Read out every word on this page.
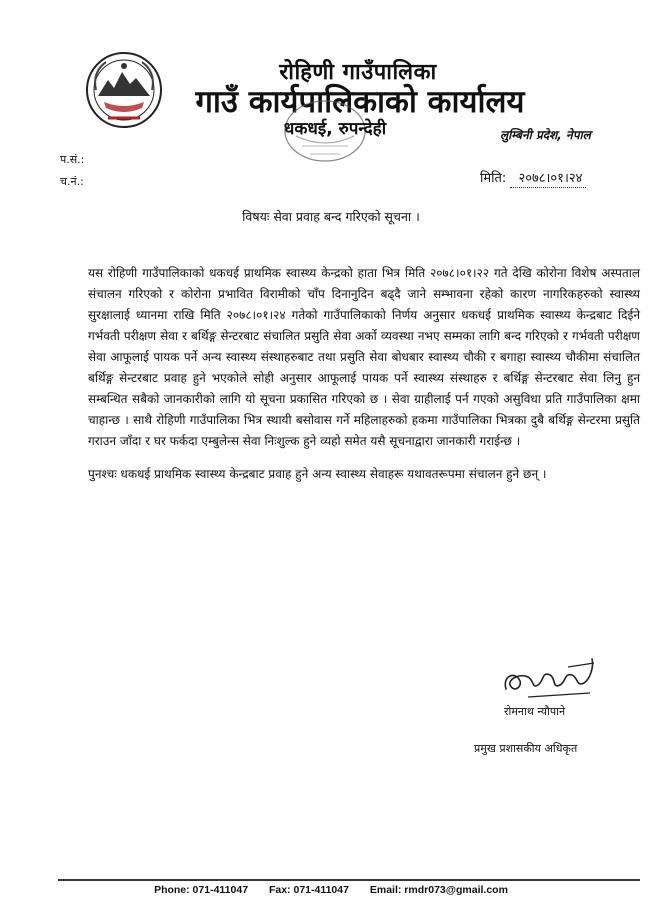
रोहिणी गाउँपालिका
गाउँ कार्यपालिकाको कार्यालय
धकधई, रुपन्देही	लुम्बिनी प्रदेश, नेपाल
प.सं.:
च.नं.:	मिति: २०७८।०१।२४
विषयः सेवा प्रवाह बन्द गरिएको सूचना ।

यस रोहिणी गाउँपालिकाको धकधई प्राथमिक स्वास्थ्य केन्द्रको हाता भित्र मिति २०७८।०१।२२ गते देखि कोरोना विशेष अस्पताल संचालन गरिएको र कोरोना प्रभावित विरामीको चाँप दिनानुदिन बढ्दै जाने सम्भावना रहेको कारण नागरिकहरुको स्वास्थ्य सुरक्षालाई ध्यानमा राखि मिति २०७८।०१।२४ गतेको गाउँपालिकाको निर्णय अनुसार धकधई प्राथमिक स्वास्थ्य केन्द्रबाट दिईने गर्भवती परीक्षण सेवा र बर्थिङ्ग सेन्टरबाट संचालित प्रसुति सेवा अर्को व्यवस्था नभए सम्मका लागि बन्द गरिएको र गर्भवती परीक्षण सेवा आफूलाई पायक पर्ने अन्य स्वास्थ्य संस्थाहरुबाट तथा प्रसुति सेवा बोधबार स्वास्थ्य चौकी र बगाहा स्वास्थ्य चौकीमा संचालित बर्थिङ्ग सेन्टरबाट प्रवाह हुने भएकोले सोही अनुसार आफूलाई पायक पर्ने स्वास्थ्य संस्थाहरु र बर्थिङ्ग सेन्टरबाट सेवा लिनु हुन सम्बन्धित सबैको जानकारीको लागि यो सूचना प्रकासित गरिएको छ । सेवा ग्राहीलाई पर्न गएको असुविधा प्रति गाउँपालिका क्षमा चाहान्छ । साथै रोहिणी गाउँपालिका भित्र स्थायी बसोवास गर्ने महिलाहरुको हकमा गाउँपालिका भित्रका दुबै बर्थिङ्ग सेन्टरमा प्रसुति गराउन जाँदा र घर फर्कदा एम्बुलेन्स सेवा निःशुल्क हुने व्यहो समेत यसै सूचनाद्वारा जानकारी गराईन्छ ।

पुनश्चः धकधई प्राथमिक स्वास्थ्य केन्द्रबाट प्रवाह हुने अन्य स्वास्थ्य सेवाहरू यथावतरूपमा संचालन हुने छन् ।

रोमनाथ न्यौपाने
प्रमुख प्रशासकीय अधिकृत
Phone: 071-411047 Fax: 071-411047 Email: rmdr073@gmail.com
